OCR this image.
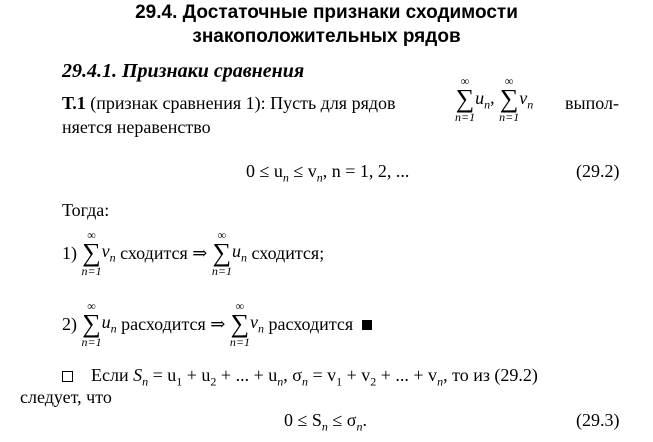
29.4. Достаточные признаки сходимости
знакоположительных рядов
29.4.1. Признаки сравнения
Т.1 (признак сравнения 1): Пусть для рядов
∞
∑
n=1
$u_n$,
∞
∑
n=1
$v_n$ выпол-
няется неравенство
$0 \le u_n \le v_n$, n = 1, 2, ...	(29.2)
Тогда:
1)
∞
∑
n=1
$v_n$ сходится ⇒
∞
∑
n=1
$u_n$ сходится;
2)
∞
∑
n=1
$u_n$ расходится ⇒
∞
∑
n=1
$v_n$ расходится
Если $S_n = u_1 + u_2$ + ... + $u_n$, $\sigma_n = v_1 + v_2$ + ... + $v_n$, то из (29.2)
следует, что
$0 \le S_n \le \sigma_n$.	(29.3)
